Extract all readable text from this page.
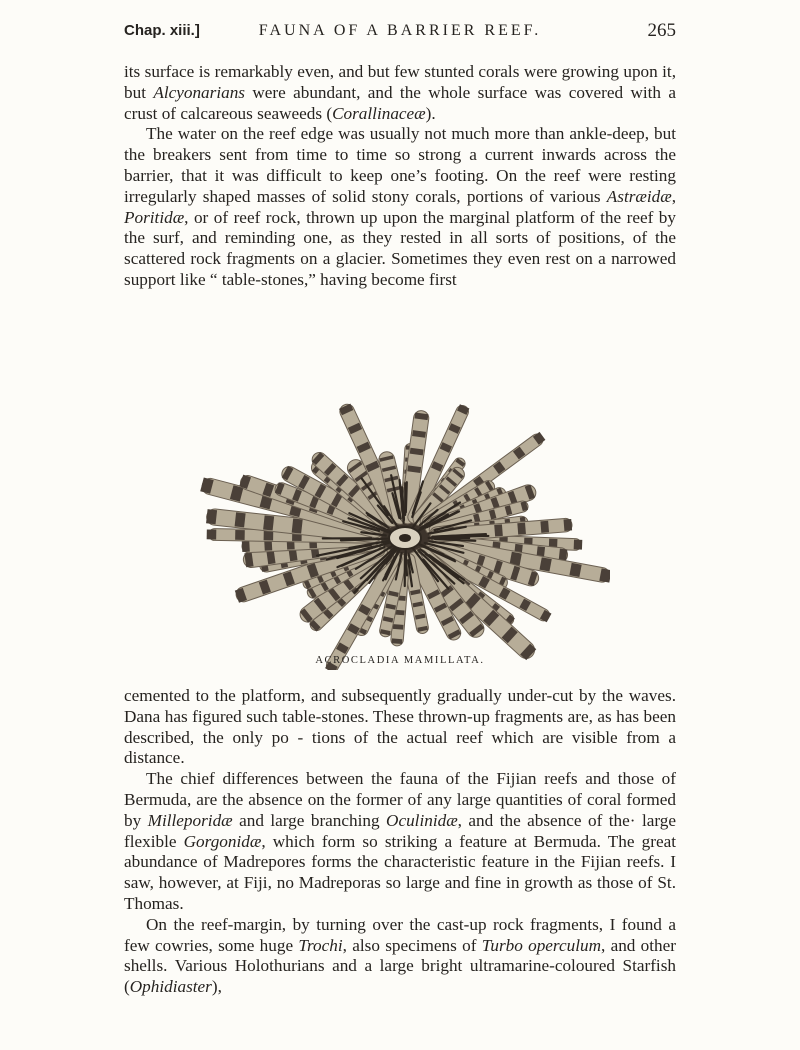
Chap. xiii.]	FAUNA OF A BARRIER REEF.	265

its surface is remarkably even, and but few stunted corals were growing upon it, but Alcyonarians were abundant, and the whole surface was covered with a crust of calcareous seaweeds (Corallinaceæ).

The water on the reef edge was usually not much more than ankle-deep, but the breakers sent from time to time so strong a current inwards across the barrier, that it was difficult to keep one’s footing. On the reef were resting irregularly shaped masses of solid stony corals, portions of various Astræidæ, Poritidæ, or of reef rock, thrown up upon the marginal platform of the reef by the surf, and reminding one, as they rested in all sorts of positions, of the scattered rock fragments on a glacier. Sometimes they even rest on a narrowed support like “ table-stones,” having become first

ACROCLADIA MAMILLATA.

cemented to the platform, and subsequently gradually under-cut by the waves. Dana has figured such table-stones. These thrown-up fragments are, as has been described, the only po - tions of the actual reef which are visible from a distance.

The chief differences between the fauna of the Fijian reefs and those of Bermuda, are the absence on the former of any large quantities of coral formed by Milleporidæ and large branching Oculinidæ, and the absence of the· large flexible Gorgonidæ, which form so striking a feature at Bermuda. The great abundance of Madrepores forms the characteristic feature in the Fijian reefs. I saw, however, at Fiji, no Madreporas so large and fine in growth as those of St. Thomas.

On the reef-margin, by turning over the cast-up rock fragments, I found a few cowries, some huge Trochi, also specimens of Turbo operculum, and other shells. Various Holothurians and a large bright ultramarine-coloured Starfish (Ophidiaster),
